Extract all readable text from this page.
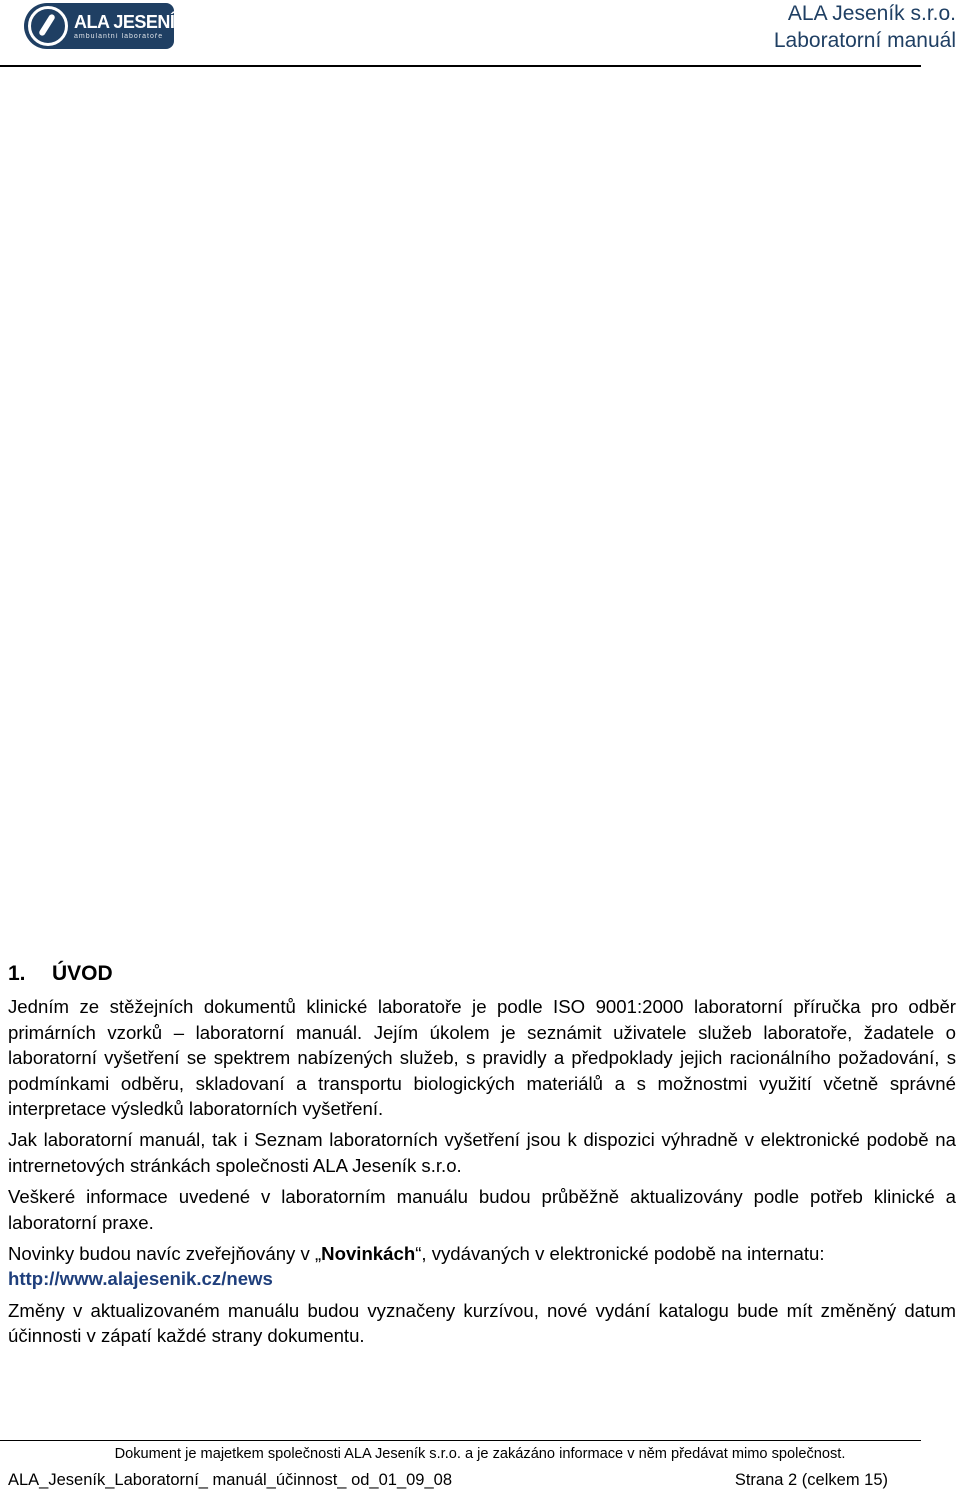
ALA JESENÍK s.r.o.
ambulantní laboratoře
ALA Jeseník s.r.o.
Laboratorní manuál
1. ÚVOD

Jedním ze stěžejních dokumentů klinické laboratoře je podle ISO 9001:2000 laboratorní příručka pro odběr primárních vzorků – laboratorní manuál. Jejím úkolem je seznámit uživatele služeb laboratoře, žadatele o laboratorní vyšetření se spektrem nabízených služeb, s pravidly a předpoklady jejich racionálního požadování, s podmínkami odběru, skladovaní a transportu biologických materiálů a s možnostmi využití včetně správné interpretace výsledků laboratorních vyšetření.

Jak laboratorní manuál, tak i Seznam laboratorních vyšetření jsou k dispozici výhradně v elektronické podobě na intrernetových stránkách společnosti ALA Jeseník s.r.o.

Veškeré informace uvedené v laboratorním manuálu budou průběžně aktualizovány podle potřeb klinické a laboratorní praxe.

Novinky budou navíc zveřejňovány v „Novinkách“, vydávaných v elektronické podobě na internatu:

http://www.alajesenik.cz/news

Změny v aktualizovaném manuálu budou vyznačeny kurzívou, nové vydání katalogu bude mít změněný datum účinnosti v zápatí každé strany dokumentu.

Dokument je majetkem společnosti ALA Jeseník s.r.o. a je zakázáno informace v něm předávat mimo společnost.
ALA_Jeseník_Laboratorní_ manuál_účinnost_ od_01_09_08	Strana 2 (celkem 15)
